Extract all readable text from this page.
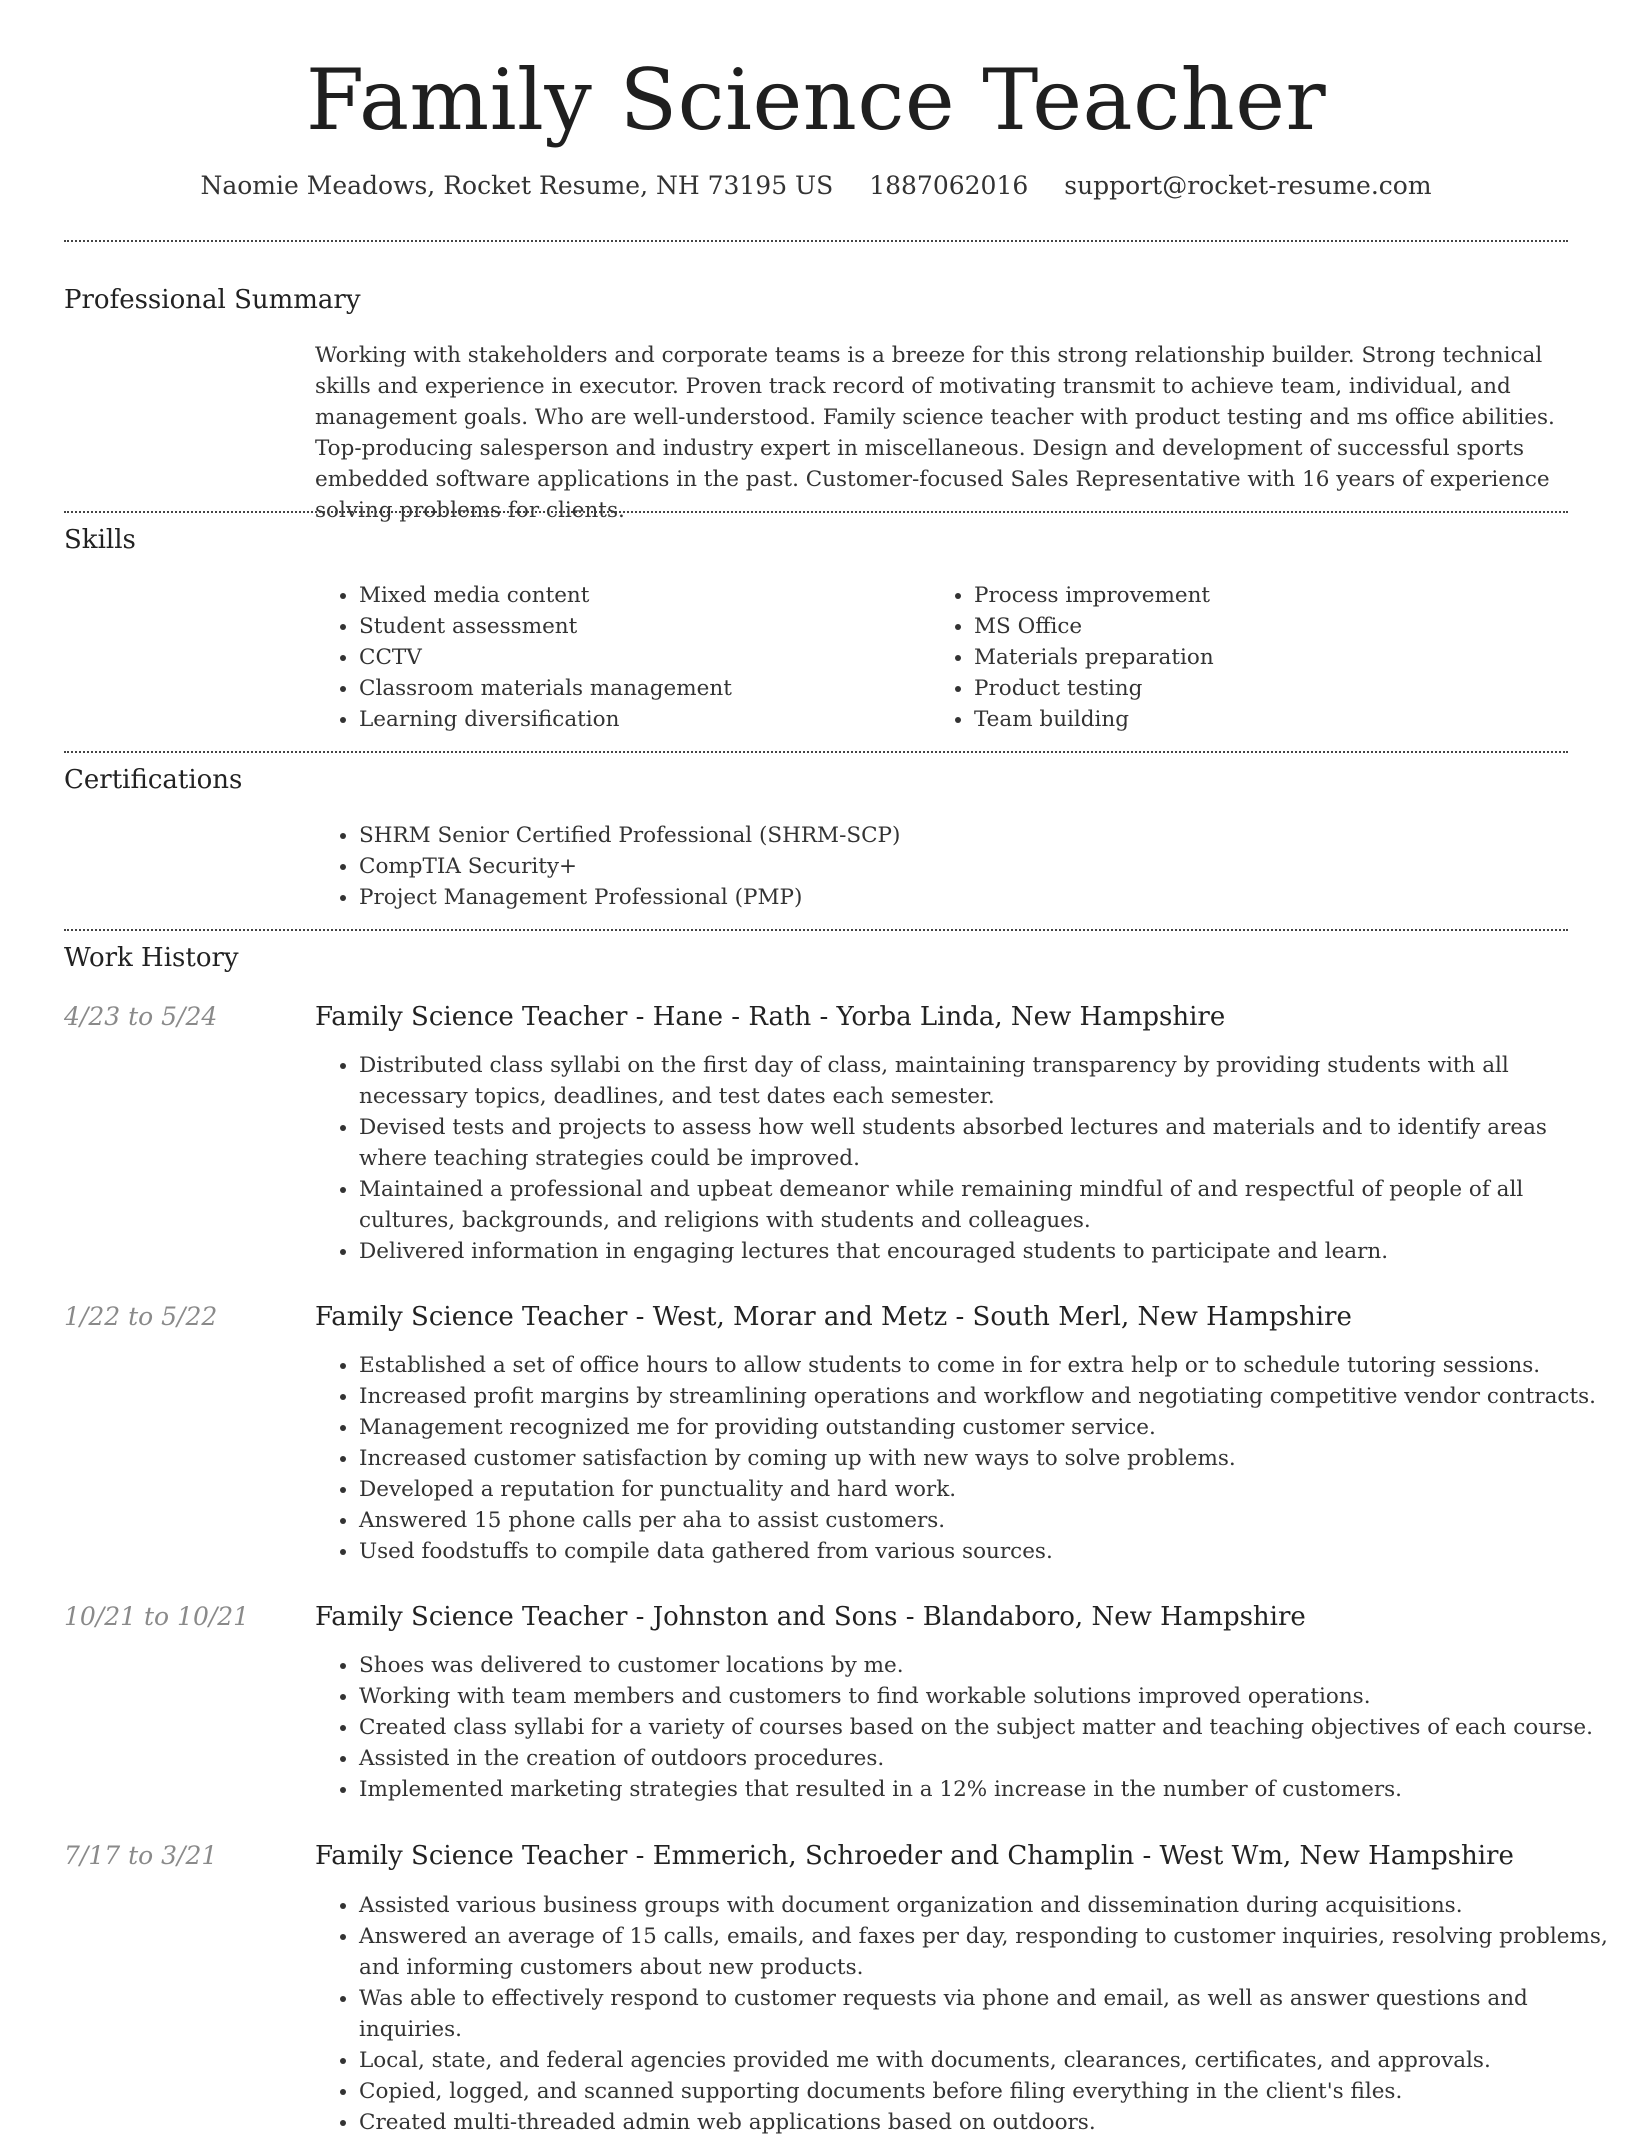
Family Science Teacher
Naomie Meadows, Rocket Resume, NH 73195 US 1887062016 support@rocket-resume.com
Professional Summary

Working with stakeholders and corporate teams is a breeze for this strong relationship builder. Strong technical skills and experience in executor. Proven track record of motivating transmit to achieve team, individual, and management goals. Who are well-understood. Family science teacher with product testing and ms office abilities. Top-producing salesperson and industry expert in miscellaneous. Design and development of successful sports embedded software applications in the past. Customer-focused Sales Representative with 16 years of experience solving problems for clients.

Skills
• Mixed media content
• Student assessment
• CCTV
• Classroom materials management
• Learning diversification
• Process improvement
• MS Office
• Materials preparation
• Product testing
• Team building
Certifications
• SHRM Senior Certified Professional (SHRM-SCP)
• CompTIA Security+
• Project Management Professional (PMP)
Work History
4/23 to 5/24	Family Science Teacher - Hane - Rath - Yorba Linda, New Hampshire
• Distributed class syllabi on the first day of class, maintaining transparency by providing students with all necessary topics, deadlines, and test dates each semester.
• Devised tests and projects to assess how well students absorbed lectures and materials and to identify areas where teaching strategies could be improved.
• Maintained a professional and upbeat demeanor while remaining mindful of and respectful of people of all cultures, backgrounds, and religions with students and colleagues.
• Delivered information in engaging lectures that encouraged students to participate and learn.
1/22 to 5/22	Family Science Teacher - West, Morar and Metz - South Merl, New Hampshire
• Established a set of office hours to allow students to come in for extra help or to schedule tutoring sessions.
• Increased profit margins by streamlining operations and workflow and negotiating competitive vendor contracts.
• Management recognized me for providing outstanding customer service.
• Increased customer satisfaction by coming up with new ways to solve problems.
• Developed a reputation for punctuality and hard work.
• Answered 15 phone calls per aha to assist customers.
• Used foodstuffs to compile data gathered from various sources.
10/21 to 10/21	Family Science Teacher - Johnston and Sons - Blandaboro, New Hampshire
• Shoes was delivered to customer locations by me.
• Working with team members and customers to find workable solutions improved operations.
• Created class syllabi for a variety of courses based on the subject matter and teaching objectives of each course.
• Assisted in the creation of outdoors procedures.
• Implemented marketing strategies that resulted in a 12% increase in the number of customers.
7/17 to 3/21	Family Science Teacher - Emmerich, Schroeder and Champlin - West Wm, New Hampshire
• Assisted various business groups with document organization and dissemination during acquisitions.
• Answered an average of 15 calls, emails, and faxes per day, responding to customer inquiries, resolving problems, and informing customers about new products.
• Was able to effectively respond to customer requests via phone and email, as well as answer questions and inquiries.
• Local, state, and federal agencies provided me with documents, clearances, certificates, and approvals.
• Copied, logged, and scanned supporting documents before filing everything in the client's files.
• Created multi-threaded admin web applications based on outdoors.
